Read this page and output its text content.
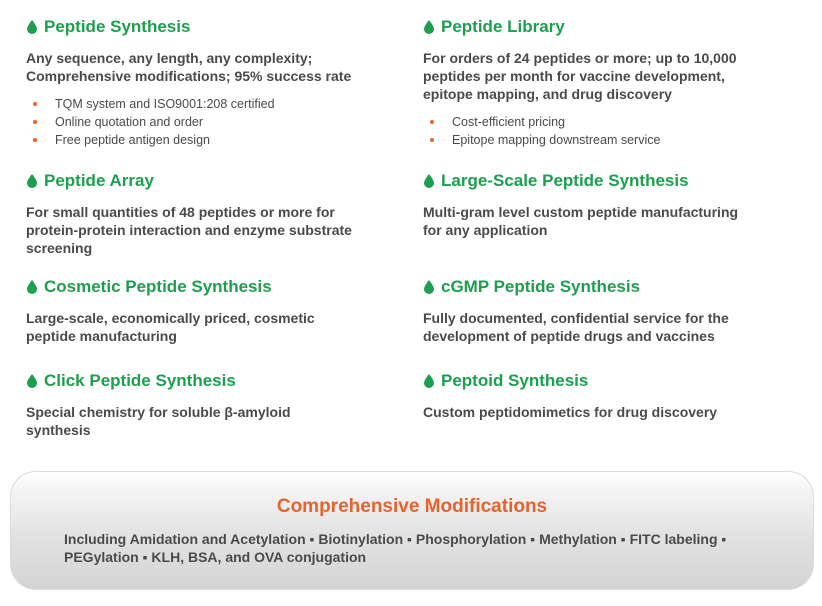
Peptide Synthesis
Any sequence, any length, any complexity;
Comprehensive modifications; 95% success rate
TQM system and ISO9001:208 certified
Online quotation and order
Free peptide antigen design
Peptide Library
For orders of 24 peptides or more; up to 10,000
peptides per month for vaccine development,
epitope mapping, and drug discovery
Cost-efficient pricing
Epitope mapping downstream service
Peptide Array
For small quantities of 48 peptides or more for
protein-protein interaction and enzyme substrate
screening
Large-Scale Peptide Synthesis
Multi-gram level custom peptide manufacturing
for any application
Cosmetic Peptide Synthesis
Large-scale, economically priced, cosmetic
peptide manufacturing
cGMP Peptide Synthesis
Fully documented, confidential service for the
development of peptide drugs and vaccines
Click Peptide Synthesis
Special chemistry for soluble β-amyloid
synthesis
Peptoid Synthesis
Custom peptidomimetics for drug discovery
Comprehensive Modifications
Including Amidation and Acetylation ▪ Biotinylation ▪ Phosphorylation ▪ Methylation ▪ FITC labeling ▪ PEGylation ▪ KLH, BSA, and OVA conjugation
